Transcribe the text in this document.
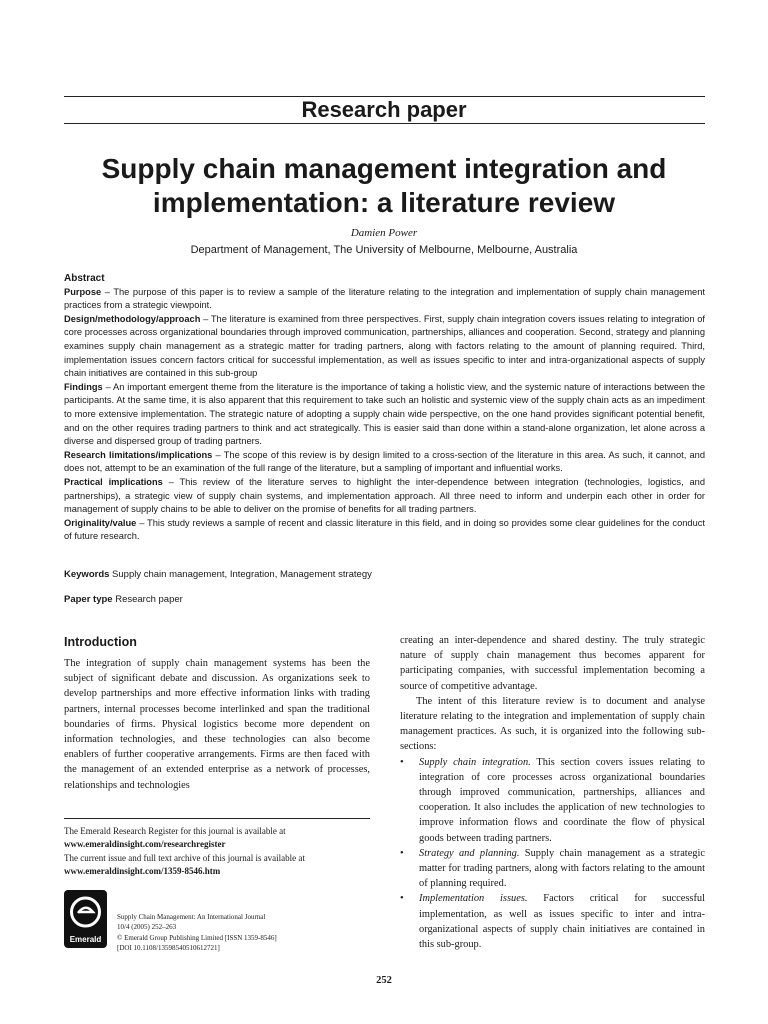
Research paper
Supply chain management integration and implementation: a literature review
Damien Power
Department of Management, The University of Melbourne, Melbourne, Australia

Abstract

Purpose – The purpose of this paper is to review a sample of the literature relating to the integration and implementation of supply chain management practices from a strategic viewpoint.

Design/methodology/approach – The literature is examined from three perspectives. First, supply chain integration covers issues relating to integration of core processes across organizational boundaries through improved communication, partnerships, alliances and cooperation. Second, strategy and planning examines supply chain management as a strategic matter for trading partners, along with factors relating to the amount of planning required. Third, implementation issues concern factors critical for successful implementation, as well as issues specific to inter and intra-organizational aspects of supply chain initiatives are contained in this sub-group

Findings – An important emergent theme from the literature is the importance of taking a holistic view, and the systemic nature of interactions between the participants. At the same time, it is also apparent that this requirement to take such an holistic and systemic view of the supply chain acts as an impediment to more extensive implementation. The strategic nature of adopting a supply chain wide perspective, on the one hand provides significant potential benefit, and on the other requires trading partners to think and act strategically. This is easier said than done within a stand-alone organization, let alone across a diverse and dispersed group of trading partners.

Research limitations/implications – The scope of this review is by design limited to a cross-section of the literature in this area. As such, it cannot, and does not, attempt to be an examination of the full range of the literature, but a sampling of important and influential works.

Practical implications – This review of the literature serves to highlight the inter-dependence between integration (technologies, logistics, and partnerships), a strategic view of supply chain systems, and implementation approach. All three need to inform and underpin each other in order for management of supply chains to be able to deliver on the promise of benefits for all trading partners.

Originality/value – This study reviews a sample of recent and classic literature in this field, and in doing so provides some clear guidelines for the conduct of future research.

Keywords Supply chain management, Integration, Management strategy
Paper type Research paper
Introduction

The integration of supply chain management systems has been the subject of significant debate and discussion. As organizations seek to develop partnerships and more effective information links with trading partners, internal processes become interlinked and span the traditional boundaries of firms. Physical logistics become more dependent on information technologies, and these technologies can also become enablers of further cooperative arrangements. Firms are then faced with the management of an extended enterprise as a network of processes, relationships and technologies

creating an inter-dependence and shared destiny. The truly strategic nature of supply chain management thus becomes apparent for participating companies, with successful implementation becoming a source of competitive advantage.

The intent of this literature review is to document and analyse literature relating to the integration and implementation of supply chain management practices. As such, it is organized into the following sub-sections:

• Supply chain integration. This section covers issues relating to integration of core processes across organizational boundaries through improved communication, partnerships, alliances and cooperation. It also includes the application of new technologies to improve information flows and coordinate the flow of physical goods between trading partners.
• Strategy and planning. Supply chain management as a strategic matter for trading partners, along with factors relating to the amount of planning required.
• Implementation issues. Factors critical for successful implementation, as well as issues specific to inter and intra-organizational aspects of supply chain initiatives are contained in this sub-group.

The Emerald Research Register for this journal is available at

www.emeraldinsight.com/researchregister

The current issue and full text archive of this journal is available at

www.emeraldinsight.com/1359-8546.htm

Emerald
Supply Chain Management: An International Journal
10/4 (2005) 252–263
© Emerald Group Publishing Limited [ISSN 1359-8546]
[DOI 10.1108/13598540510612721]
252
